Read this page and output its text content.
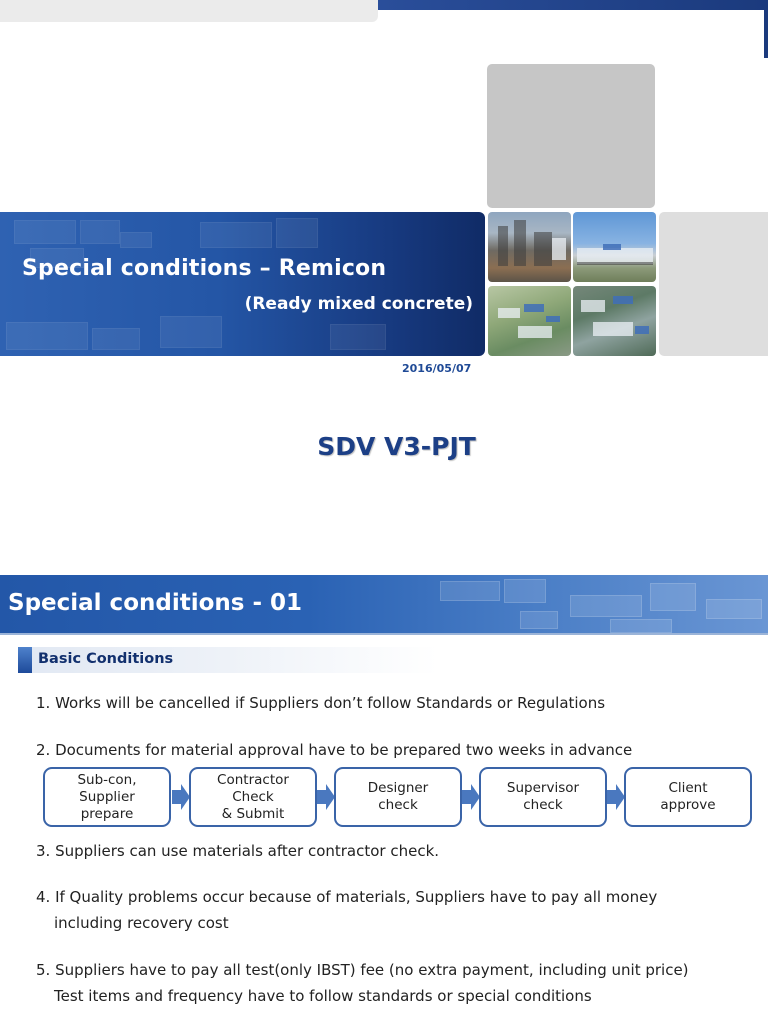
Special conditions – Remicon
(Ready mixed concrete)
2016/05/07
SDV V3-PJT
Special conditions - 01
Basic Conditions
1. Works will be cancelled if Suppliers don’t follow Standards or Regulations
2. Documents for material approval have to be prepared two weeks in advance
Sub-con,
Supplier
prepare
Contractor
Check
& Submit
Designer
check
Supervisor
check
Client
approve
3. Suppliers can use materials after contractor check.
4. If Quality problems occur because of materials, Suppliers have to pay all money
including recovery cost
5. Suppliers have to pay all test(only IBST) fee (no extra payment, including unit price)
Test items and frequency have to follow standards or special conditions
